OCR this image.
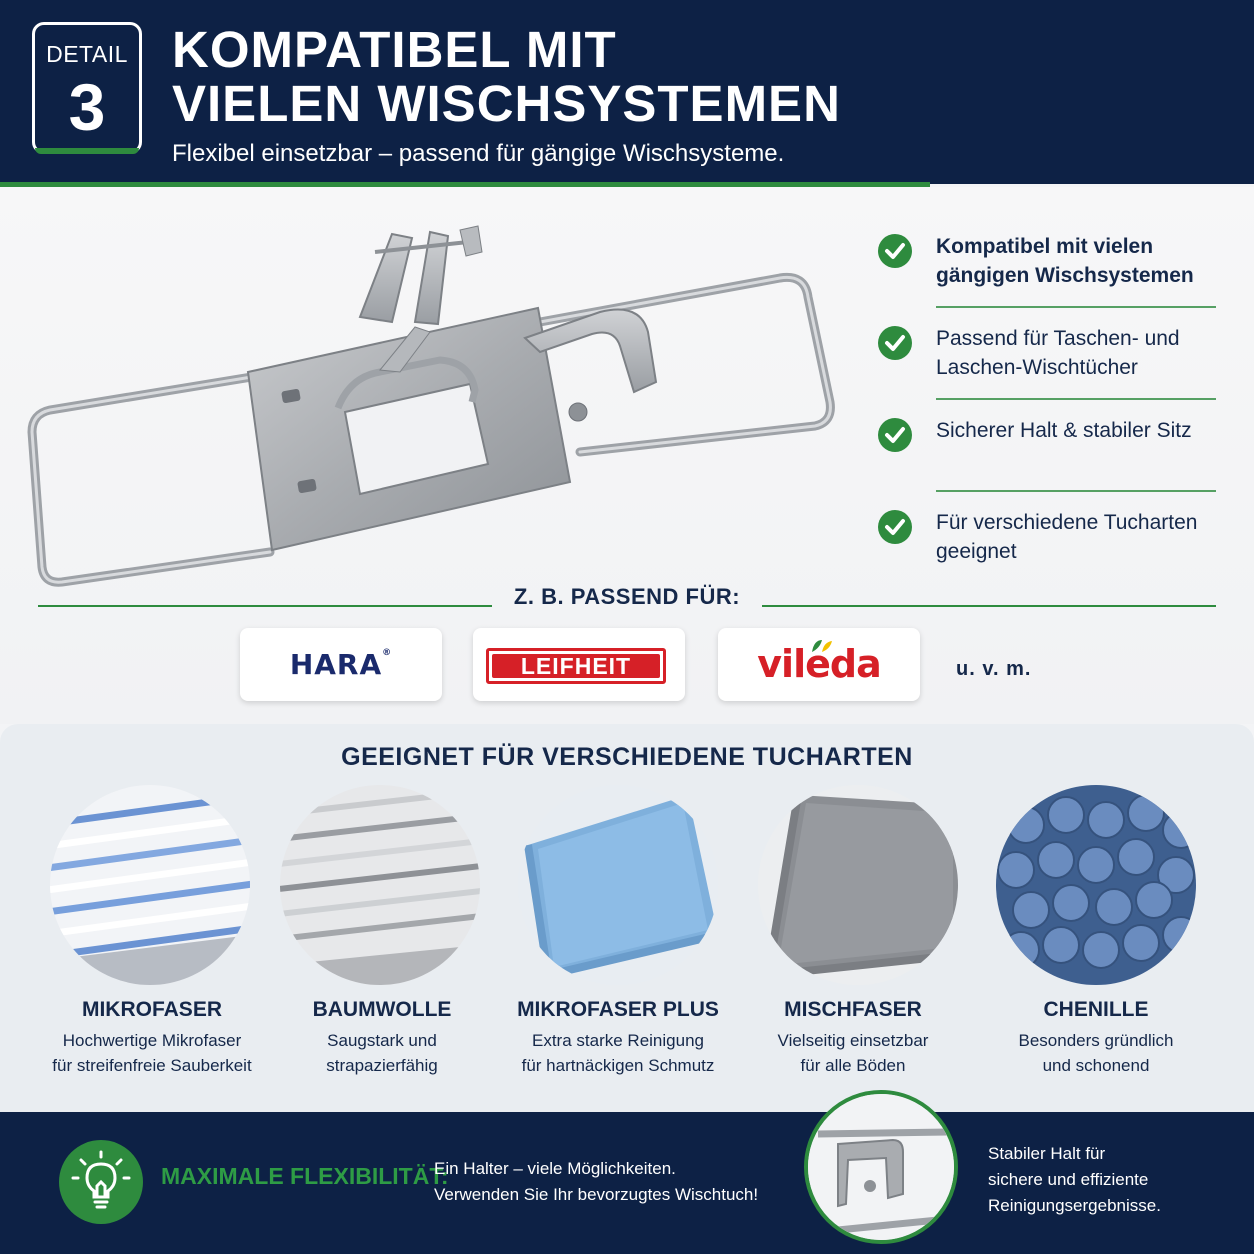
DETAIL
3
KOMPATIBEL MIT
VIELEN WISCHSYSTEMEN
Flexibel einsetzbar – passend für gängige Wischsysteme.
Kompatibel mit vielen gängigen Wischsystemen
Passend für Taschen- und Laschen-Wischtücher
Sicherer Halt & stabiler Sitz
Für verschiedene Tucharten geeignet
Z. B. PASSEND FÜR:
HARA®	LEIFHEIT	vileda	u. v. m.
GEEIGNET FÜR VERSCHIEDENE TUCHARTEN
MIKROFASER
Hochwertige Mikrofaser
für streifenfreie Sauberkeit
BAUMWOLLE
Saugstark und
strapazierfähig
MIKROFASER PLUS
Extra starke Reinigung
für hartnäckigen Schmutz
MISCHFASER
Vielseitig einsetzbar
für alle Böden
CHENILLE
Besonders gründlich
und schonend
MAXIMALE FLEXIBILITÄT:
Ein Halter – viele Möglichkeiten.
Verwenden Sie Ihr bevorzugtes Wischtuch!
Stabiler Halt für
sichere und effiziente
Reinigungsergebnisse.
